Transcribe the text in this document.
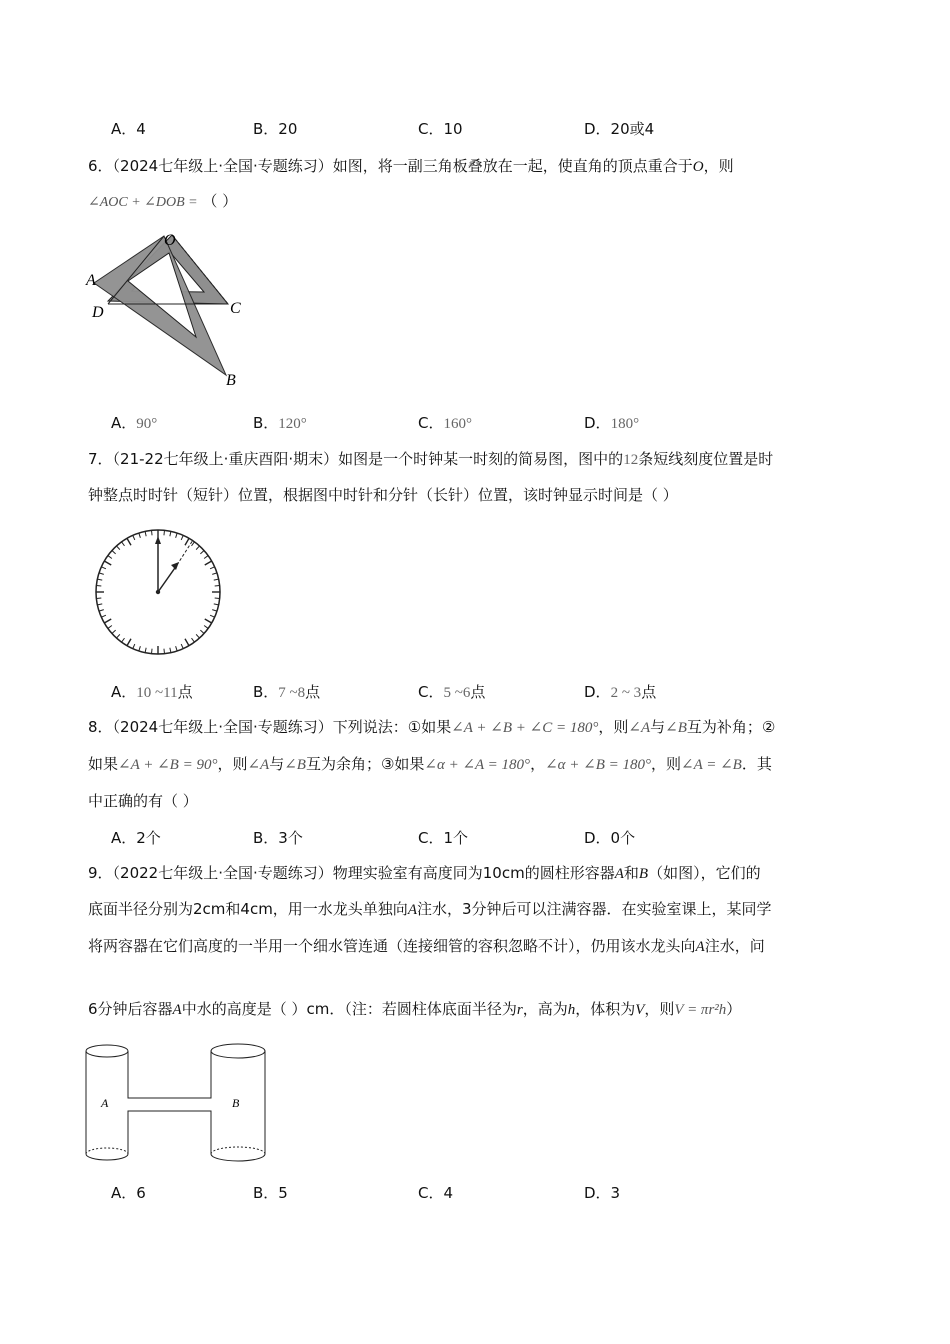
A．4	B．20	C．10	D．20或4
6．（2024七年级上·全国·专题练习）如图，将一副三角板叠放在一起，使直角的顶点重合于O，则
∠AOC + ∠DOB = （ ）
O
A
D	C
B
A．90°	B．120°	C．160°	D．180°
7．（21-22七年级上·重庆酉阳·期末）如图是一个时钟某一时刻的简易图，图中的12条短线刻度位置是时
钟整点时时针（短针）位置，根据图中时针和分针（长针）位置，该时钟显示时间是（ ）
A．10 ~11点	B．7 ~8点	C．5 ~6点	D．2 ~ 3点
8．（2024七年级上·全国·专题练习）下列说法：①如果∠A + ∠B + ∠C = 180°，则∠A与∠B互为补角；②
如果∠A + ∠B = 90°，则∠A与∠B互为余角；③如果∠α + ∠A = 180°，∠α + ∠B = 180°，则∠A = ∠B．其
中正确的有（ ）
A．2个	B．3个	C．1个	D．0个
9．（2022七年级上·全国·专题练习）物理实验室有高度同为10cm的圆柱形容器A和B（如图），它们的
底面半径分别为2cm和4cm，用一水龙头单独向A注水，3分钟后可以注满容器．在实验室课上，某同学
将两容器在它们高度的一半用一个细水管连通（连接细管的容积忽略不计），仍用该水龙头向A注水，问
6分钟后容器A中水的高度是（ ）cm．（注：若圆柱体底面半径为r，高为h，体积为V，则V = πr²h）
A	B
A．6	B．5	C．4	D．3
